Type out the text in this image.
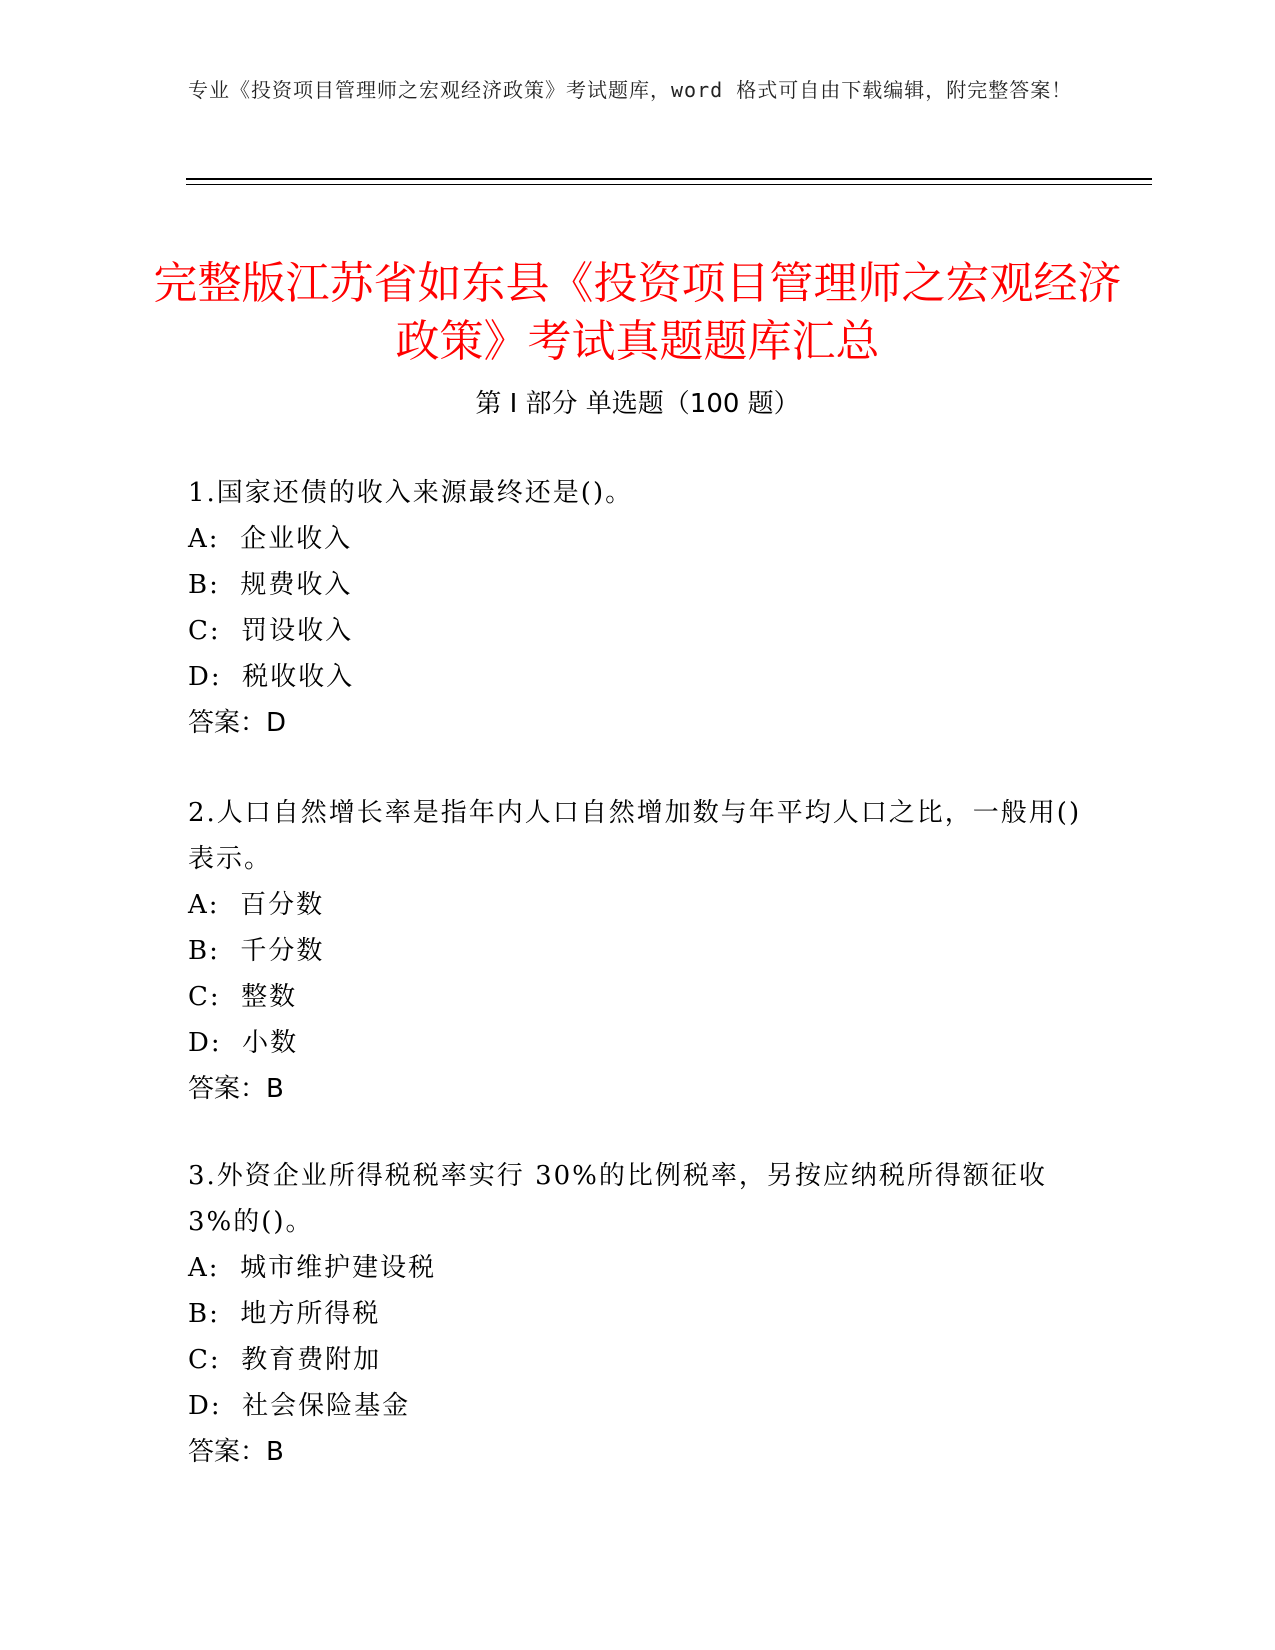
专业《投资项目管理师之宏观经济政策》考试题库，word 格式可自由下载编辑，附完整答案！
完整版江苏省如东县《投资项目管理师之宏观经济政策》考试真题题库汇总
第 I 部分 单选题（100 题）

1.国家还债的收入来源最终还是()。

A:  企业收入

B:  规费收入

C:  罚设收入

D:  税收收入

答案：D

2.人口自然增长率是指年内人口自然增加数与年平均人口之比，一般用()表示。

A:  百分数

B:  千分数

C:  整数

D:  小数

答案：B

3.外资企业所得税税率实行 30%的比例税率，另按应纳税所得额征收 3%的()。

A:  城市维护建设税

B:  地方所得税

C:  教育费附加

D:  社会保险基金

答案：B
